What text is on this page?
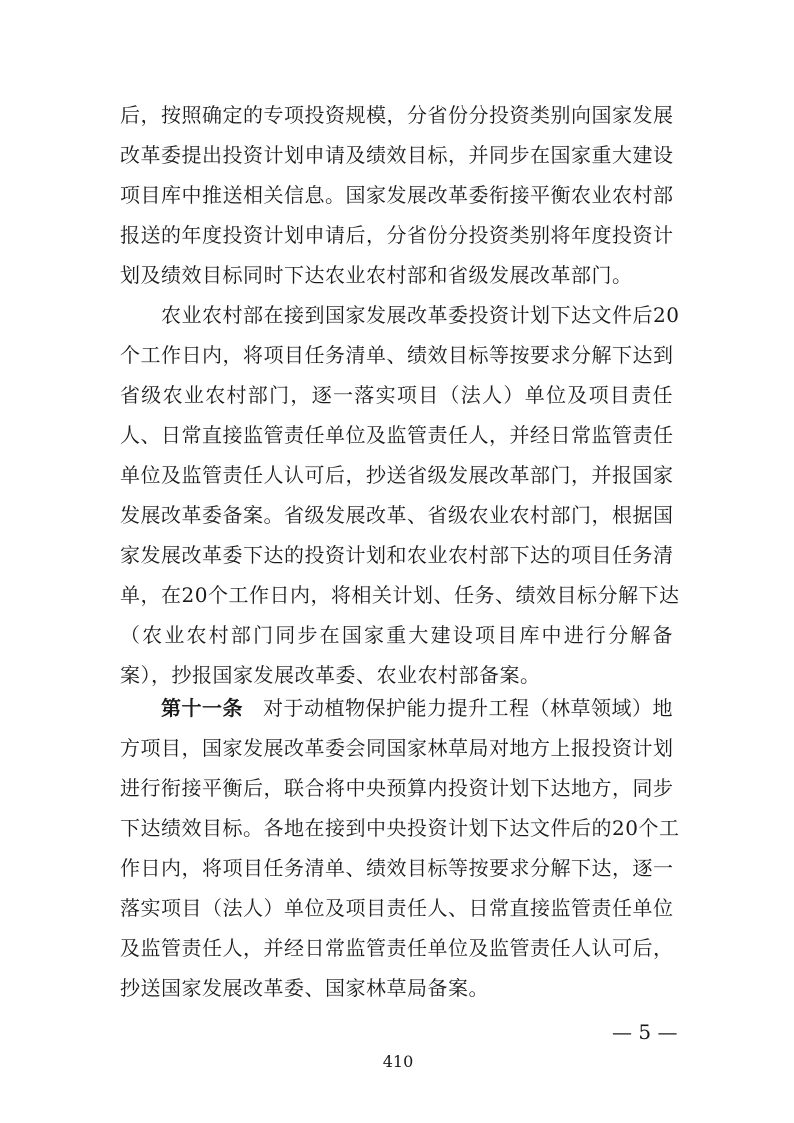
后，按照确定的专项投资规模，分省份分投资类别向国家发展
改革委提出投资计划申请及绩效目标，并同步在国家重大建设
项目库中推送相关信息。国家发展改革委衔接平衡农业农村部
报送的年度投资计划申请后，分省份分投资类别将年度投资计
划及绩效目标同时下达农业农村部和省级发展改革部门。
农业农村部在接到国家发展改革委投资计划下达文件后20
个工作日内，将项目任务清单、绩效目标等按要求分解下达到
省级农业农村部门，逐一落实项目（法人）单位及项目责任
人、日常直接监管责任单位及监管责任人，并经日常监管责任
单位及监管责任人认可后，抄送省级发展改革部门，并报国家
发展改革委备案。省级发展改革、省级农业农村部门，根据国
家发展改革委下达的投资计划和农业农村部下达的项目任务清
单，在20个工作日内，将相关计划、任务、绩效目标分解下达
（农业农村部门同步在国家重大建设项目库中进行分解备
案），抄报国家发展改革委、农业农村部备案。
第十一条 对于动植物保护能力提升工程（林草领域）地
方项目，国家发展改革委会同国家林草局对地方上报投资计划
进行衔接平衡后，联合将中央预算内投资计划下达地方，同步
下达绩效目标。各地在接到中央投资计划下达文件后的20个工
作日内，将项目任务清单、绩效目标等按要求分解下达，逐一
落实项目（法人）单位及项目责任人、日常直接监管责任单位
及监管责任人，并经日常监管责任单位及监管责任人认可后，
抄送国家发展改革委、国家林草局备案。
— 5 —
410
